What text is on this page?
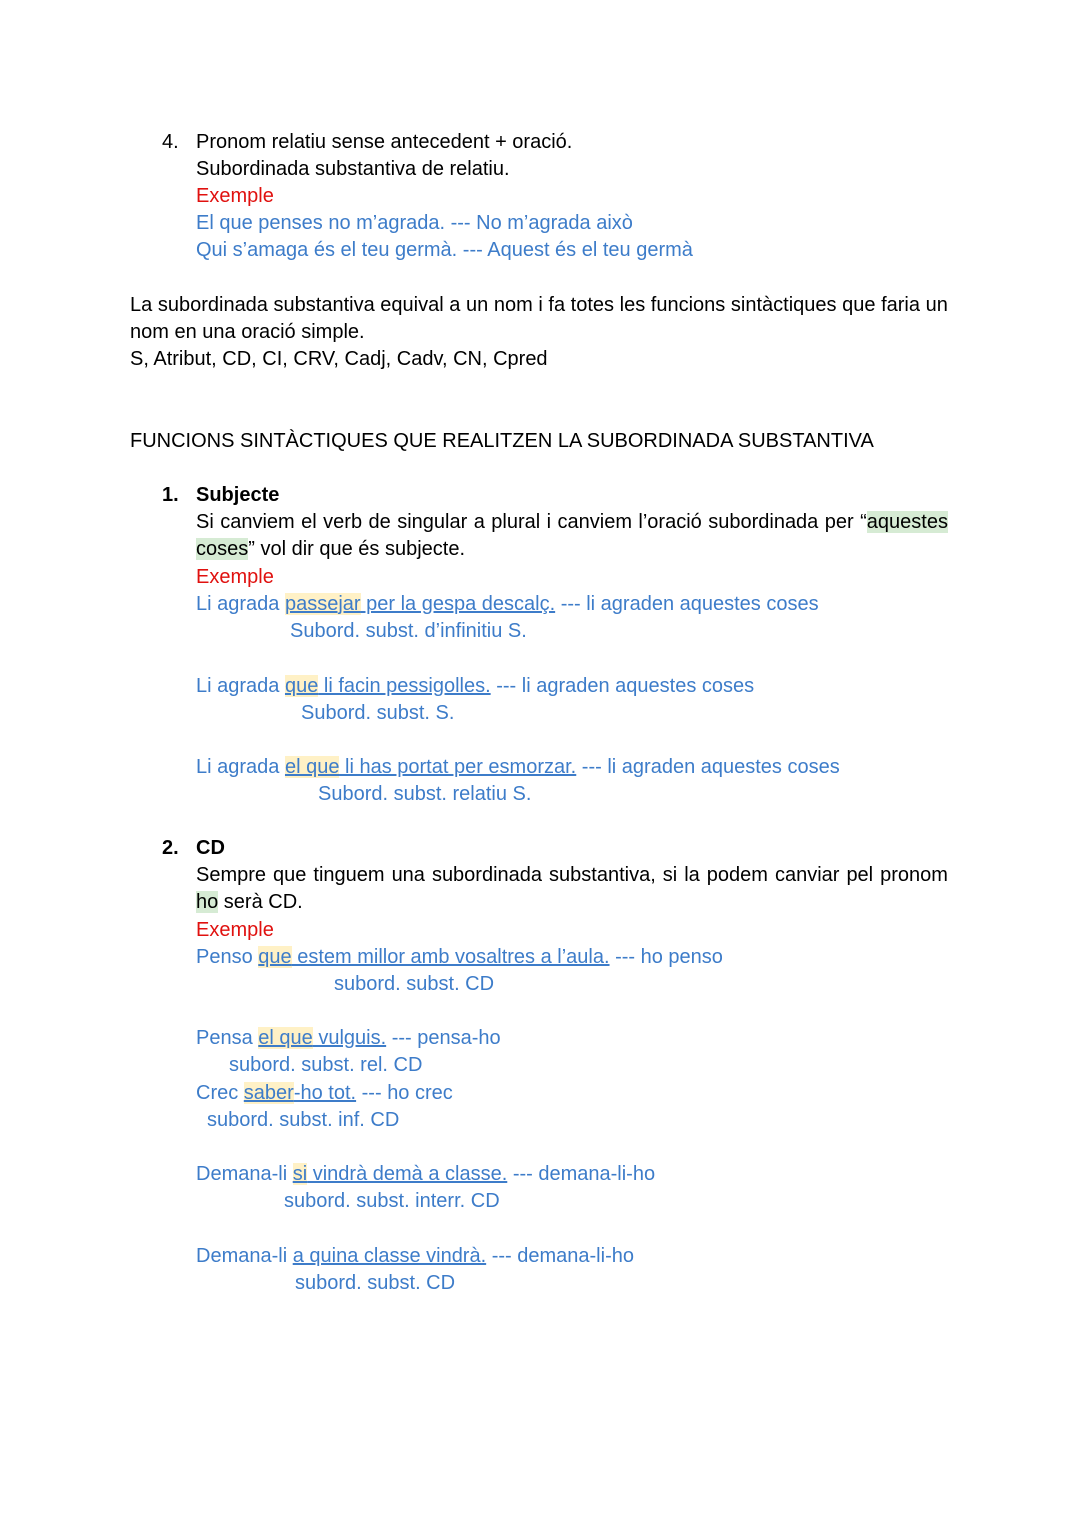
4. Pronom relatiu sense antecedent + oració.
Subordinada substantiva de relatiu.
Exemple
El que penses no m’agrada. --- No m’agrada això
Qui s’amaga és el teu germà. --- Aquest és el teu germà
La subordinada substantiva equival a un nom i fa totes les funcions sintàctiques que faria un
nom en una oració simple.
S, Atribut, CD, CI, CRV, Cadj, Cadv, CN, Cpred
FUNCIONS SINTÀCTIQUES QUE REALITZEN LA SUBORDINADA SUBSTANTIVA
1. Subjecte
Si canviem el verb de singular a plural i canviem l’oració subordinada per “aquestes
coses” vol dir que és subjecte.
Exemple
Li agrada passejar per la gespa descalç. --- li agraden aquestes coses
Subord. subst. d’infinitiu S.
Li agrada que li facin pessigolles. --- li agraden aquestes coses
Subord. subst. S.
Li agrada el que li has portat per esmorzar. --- li agraden aquestes coses
Subord. subst. relatiu S.
2. CD
Sempre que tinguem una subordinada substantiva, si la podem canviar pel pronom
ho serà CD.
Exemple
Penso que estem millor amb vosaltres a l’aula. --- ho penso
subord. subst. CD
Pensa el que vulguis. --- pensa-ho
subord. subst. rel. CD
Crec saber-ho tot. --- ho crec
subord. subst. inf. CD
Demana-li si vindrà demà a classe. --- demana-li-ho
subord. subst. interr. CD
Demana-li a quina classe vindrà. --- demana-li-ho
subord. subst. CD
